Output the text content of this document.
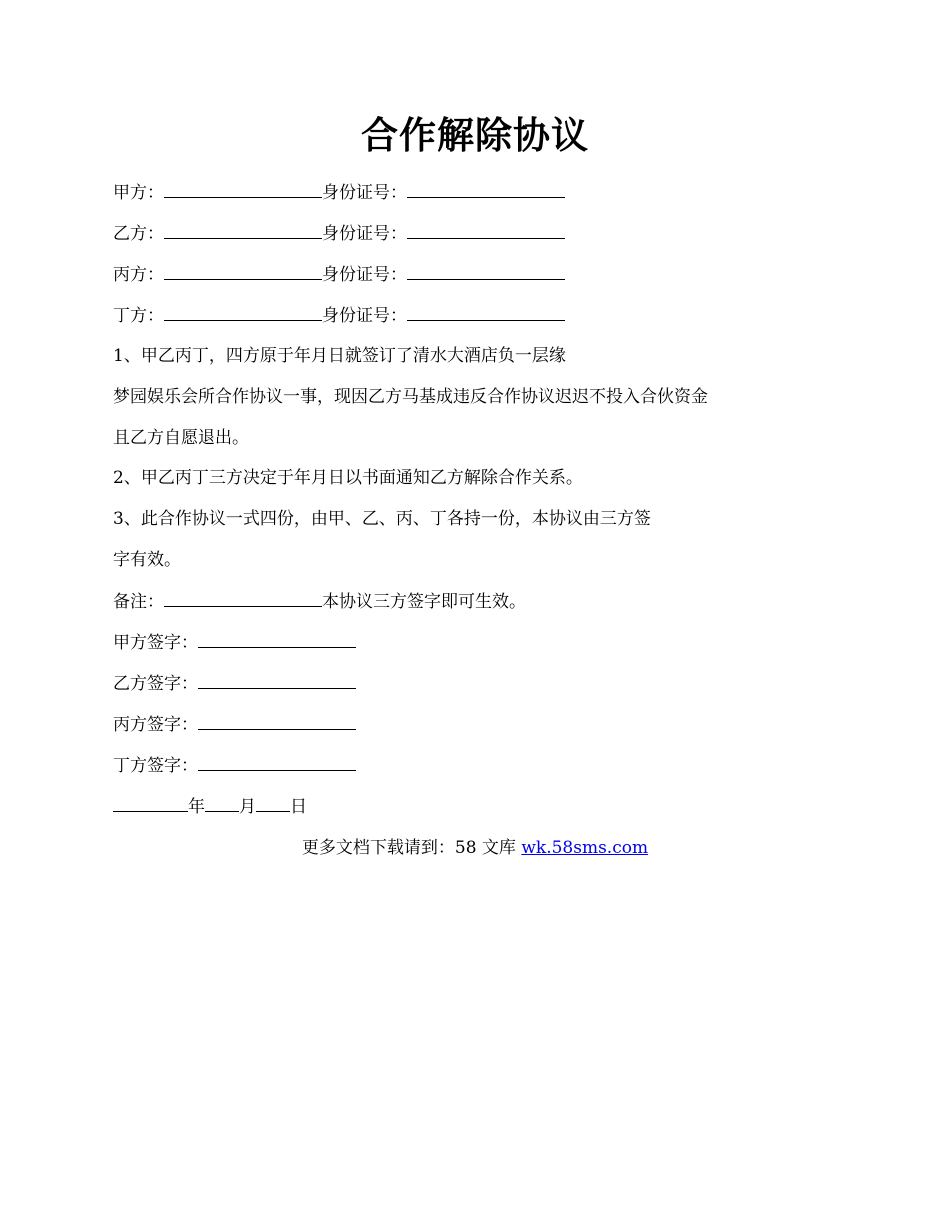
合作解除协议
甲方：	身份证号：
乙方：	身份证号：
丙方：	身份证号：
丁方：	身份证号：
1、甲乙丙丁，四方原于年月日就签订了清水大酒店负一层缘
梦园娱乐会所合作协议一事，现因乙方马基成违反合作协议迟迟不投入合伙资金
且乙方自愿退出。
2、甲乙丙丁三方决定于年月日以书面通知乙方解除合作关系。
3、此合作协议一式四份，由甲、乙、丙、丁各持一份，本协议由三方签
字有效。
备注：	本协议三方签字即可生效。
甲方签字：
乙方签字：
丙方签字：
丁方签字：
年 月 日
更多文档下载请到：58 文库 wk.58sms.com
